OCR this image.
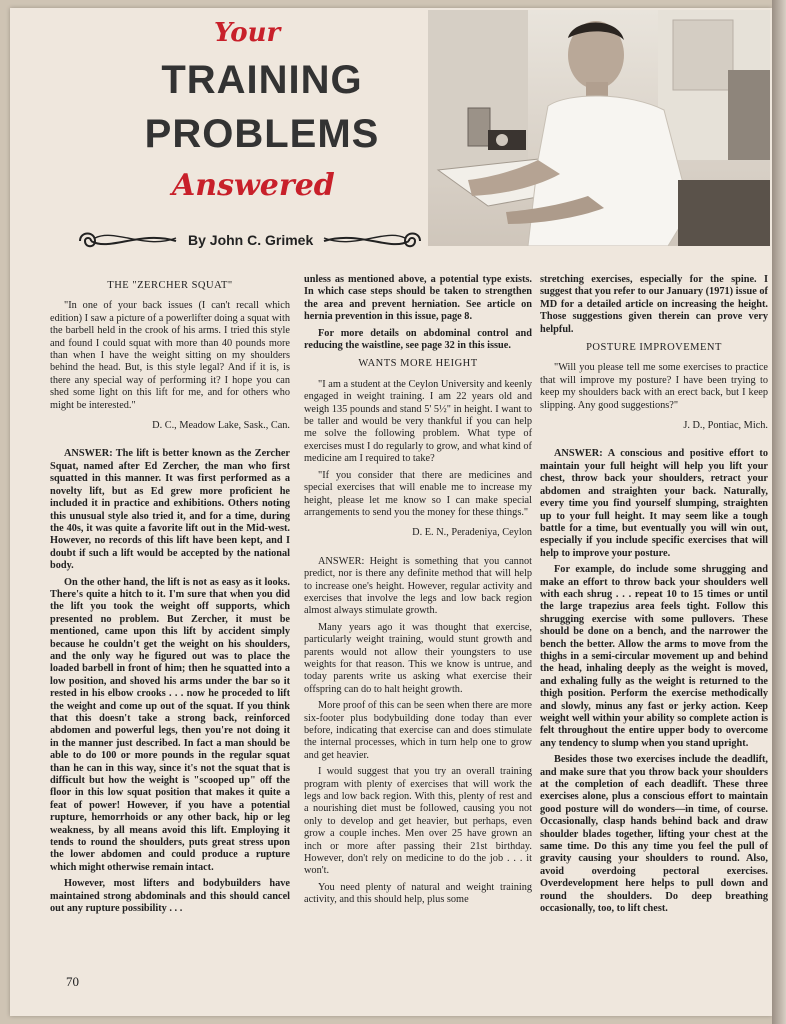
Your
TRAINING
PROBLEMS
Answered
By John C. Grimek
THE "ZERCHER SQUAT"

"In one of your back issues (I can't recall which edition) I saw a picture of a powerlifter doing a squat with the barbell held in the crook of his arms. I tried this style and found I could squat with more than 40 pounds more than when I have the weight sitting on my shoulders behind the head. But, is this style legal? And if it is, is there any special way of performing it? I hope you can shed some light on this lift for me, and for others who might be interested."

D. C., Meadow Lake, Sask., Can.

ANSWER: The lift is better known as the Zercher Squat, named after Ed Zercher, the man who first squatted in this manner. It was first performed as a novelty lift, but as Ed grew more proficient he included it in practice and exhibitions. Others noting this unusual style also tried it, and for a time, during the 40s, it was quite a favorite lift out in the Mid-west. However, no records of this lift have been kept, and I doubt if such a lift would be accepted by the national body.

On the other hand, the lift is not as easy as it looks. There's quite a hitch to it. I'm sure that when you did the lift you took the weight off supports, which presented no problem. But Zercher, it must be mentioned, came upon this lift by accident simply because he couldn't get the weight on his shoulders, and the only way he figured out was to place the loaded barbell in front of him; then he squatted into a low position, and shoved his arms under the bar so it rested in his elbow crooks . . . now he proceded to lift the weight and come up out of the squat. If you think that this doesn't take a strong back, reinforced abdomen and powerful legs, then you're not doing it in the manner just described. In fact a man should be able to do 100 or more pounds in the regular squat than he can in this way, since it's not the squat that is difficult but how the weight is "scooped up" off the floor in this low squat position that makes it quite a feat of power! However, if you have a potential rupture, hemorrhoids or any other back, hip or leg weakness, by all means avoid this lift. Employing it tends to round the shoulders, puts great stress upon the lower abdomen and could produce a rupture which might otherwise remain intact.

However, most lifters and bodybuilders have maintained strong abdominals and this should cancel out any rupture possibility . . .

unless as mentioned above, a potential type exists. In which case steps should be taken to strengthen the area and prevent herniation. See article on hernia prevention in this issue, page 8.

For more details on abdominal control and reducing the waistline, see page 32 in this issue.

WANTS MORE HEIGHT

"I am a student at the Ceylon University and keenly engaged in weight training. I am 22 years old and weigh 135 pounds and stand 5' 5½" in height. I want to be taller and would be very thankful if you can help me solve the following problem. What type of exercises must I do regularly to grow, and what kind of medicine am I required to take?

"If you consider that there are medicines and special exercises that will enable me to increase my height, please let me know so I can make special arrangements to send you the money for these things."

D. E. N., Peradeniya, Ceylon

ANSWER: Height is something that you cannot predict, nor is there any definite method that will help to increase one's height. However, regular activity and exercises that involve the legs and low back region almost always stimulate growth.

Many years ago it was thought that exercise, particularly weight training, would stunt growth and parents would not allow their youngsters to use weights for that reason. This we know is untrue, and today parents write us asking what exercise their offspring can do to halt height growth.

More proof of this can be seen when there are more six-footer plus bodybuilding done today than ever before, indicating that exercise can and does stimulate the internal processes, which in turn help one to grow and get heavier.

I would suggest that you try an overall training program with plenty of exercises that will work the legs and low back region. With this, plenty of rest and a nourishing diet must be followed, causing you not only to develop and get heavier, but perhaps, even grow a couple inches. Men over 25 have grown an inch or more after passing their 21st birthday. However, don't rely on medicine to do the job . . . it won't.

You need plenty of natural and weight training activity, and this should help, plus some

stretching exercises, especially for the spine. I suggest that you refer to our January (1971) issue of MD for a detailed article on increasing the height. Those suggestions given therein can prove very helpful.

POSTURE IMPROVEMENT

"Will you please tell me some exercises to practice that will improve my posture? I have been trying to keep my shoulders back with an erect back, but I keep slipping. Any good suggestions?"

J. D., Pontiac, Mich.

ANSWER: A conscious and positive effort to maintain your full height will help you lift your chest, throw back your shoulders, retract your abdomen and straighten your back. Naturally, every time you find yourself slumping, straighten up to your full height. It may seem like a tough battle for a time, but eventually you will win out, especially if you include specific exercises that will help to improve your posture.

For example, do include some shrugging and make an effort to throw back your shoulders well with each shrug . . . repeat 10 to 15 times or until the large trapezius area feels tight. Follow this shrugging exercise with some pullovers. These should be done on a bench, and the narrower the bench the better. Allow the arms to move from the thighs in a semi-circular movement up and behind the head, inhaling deeply as the weight is moved, and exhaling fully as the weight is returned to the thigh position. Perform the exercise methodically and slowly, minus any fast or jerky action. Keep weight well within your ability so complete action is felt throughout the entire upper body to overcome any tendency to slump when you stand upright.

Besides those two exercises include the deadlift, and make sure that you throw back your shoulders at the completion of each deadlift. These three exercises alone, plus a conscious effort to maintain good posture will do wonders—in time, of course. Occasionally, clasp hands behind back and draw shoulder blades together, lifting your chest at the same time. Do this any time you feel the pull of gravity causing your shoulders to round. Also, avoid overdoing pectoral exercises. Overdevelopment here helps to pull down and round the shoulders. Do deep breathing occasionally, too, to lift chest.

70
